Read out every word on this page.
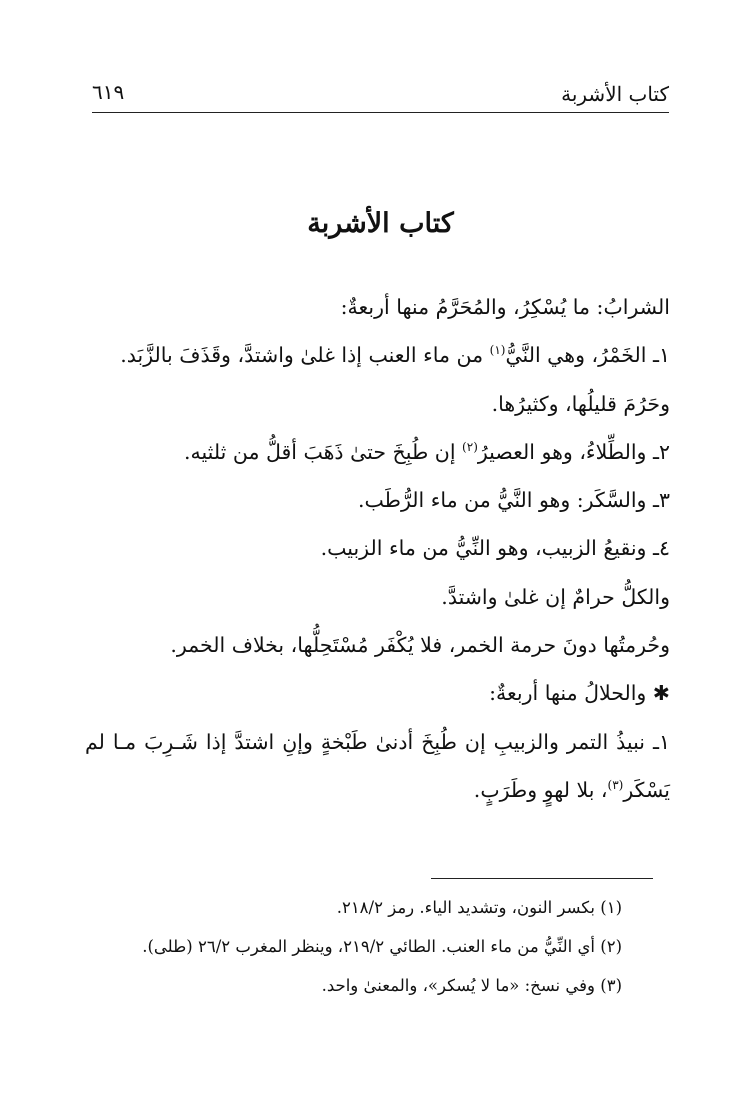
كتاب الأشربة
٦١٩
كتاب الأشربة
الشرابُ: ما يُسْكِرُ، والمُحَرَّمُ منها أربعةٌ:
١ـ الخَمْرُ، وهي النَّيُّ$^{(١)}$ من ماء العنب إذا غلىٰ واشتدَّ، وقَذَفَ بالزَّبَد.
وحَرُمَ قليلُها، وكثيرُها.
٢ـ والطِّلاءُ، وهو العصيرُ$^{(٢)}$ إن طُبِخَ حتىٰ ذَهَبَ أقلُّ من ثلثيه.
٣ـ والسَّكَر: وهو النَّيُّ من ماء الرُّطَب.
٤ـ ونقيعُ الزبيب، وهو النِّيُّ من ماء الزبيب.
والكلُّ حرامٌ إن غلىٰ واشتدَّ.
وحُرمتُها دونَ حرمة الخمر، فلا يُكْفَر مُسْتَحِلُّها، بخلاف الخمر.
✱ والحلالُ منها أربعةٌ:
١ـ نبيذُ التمر والزبيبِ إن طُبِخَ أدنىٰ طَبْخةٍ وإنِ اشتدَّ إذا شَـرِبَ مـا لم
يَسْكَر$^{(٣)}$، بلا لهوٍ وطَرَبٍ.
(١) بكسر النون، وتشديد الياء. رمز ٢١٨/٢.
(٢) أي النِّيُّ من ماء العنب. الطائي ٢١٩/٢، وينظر المغرب ٢٦/٢ (طلى).
(٣) وفي نسخ: «ما لا يُسكر»، والمعنىٰ واحد.
